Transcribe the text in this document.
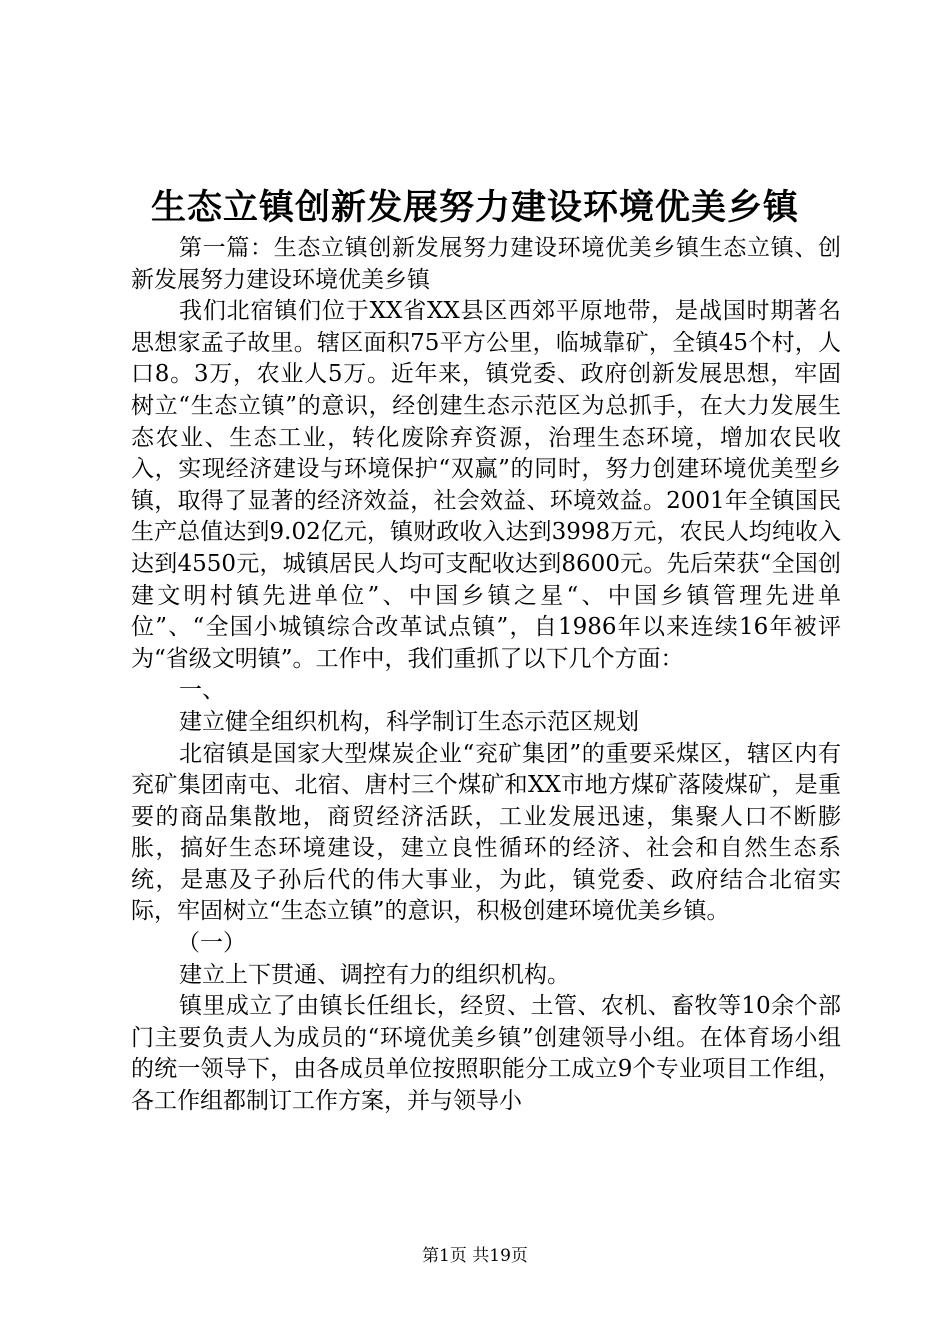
生态立镇创新发展努力建设环境优美乡镇

第一篇：生态立镇创新发展努力建设环境优美乡镇生态立镇、创新发展努力建设环境优美乡镇

我们北宿镇们位于XX省XX县区西郊平原地带，是战国时期著名思想家孟子故里。辖区面积75平方公里，临城靠矿，全镇45个村，人口8。3万，农业人5万。近年来，镇党委、政府创新发展思想，牢固树立“生态立镇”的意识，经创建生态示范区为总抓手，在大力发展生态农业、生态工业，转化废除弃资源，治理生态环境，增加农民收入，实现经济建设与环境保护“双赢”的同时，努力创建环境优美型乡镇，取得了显著的经济效益，社会效益、环境效益。2001年全镇国民生产总值达到9.02亿元，镇财政收入达到3998万元，农民人均纯收入达到4550元，城镇居民人均可支配收达到8600元。先后荣获“全国创建文明村镇先进单位”、中国乡镇之星“、中国乡镇管理先进单位”、“全国小城镇综合改革试点镇”，自1986年以来连续16年被评为“省级文明镇”。工作中，我们重抓了以下几个方面：

一、

建立健全组织机构，科学制订生态示范区规划

北宿镇是国家大型煤炭企业“兖矿集团”的重要采煤区，辖区内有兖矿集团南屯、北宿、唐村三个煤矿和XX市地方煤矿落陵煤矿，是重要的商品集散地，商贸经济活跃，工业发展迅速，集聚人口不断膨胀，搞好生态环境建设，建立良性循环的经济、社会和自然生态系统，是惠及子孙后代的伟大事业，为此，镇党委、政府结合北宿实际，牢固树立“生态立镇”的意识，积极创建环境优美乡镇。

（一）

建立上下贯通、调控有力的组织机构。

镇里成立了由镇长任组长，经贸、土管、农机、畜牧等10余个部门主要负责人为成员的“环境优美乡镇”创建领导小组。在体育场小组的统一领导下，由各成员单位按照职能分工成立9个专业项目工作组，各工作组都制订工作方案，并与领导小

第1页 共19页
